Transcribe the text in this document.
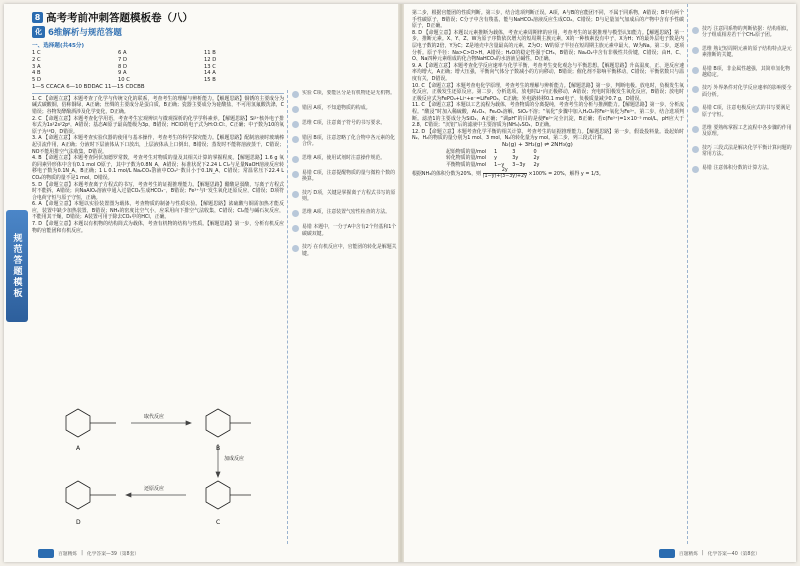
规范答题模板
8 高考考前冲刺答题模板卷（八）
化 6维解析与规范答题
一、选择题(共45分)
1 C	6 A	11 B
2 C	7 D	12 D
3 A	8 D	13 C
4 B	9 A	14 A
5 D	10 C	15 B
1—5 CCACA 6—10 BDDAC 11—15 CDCBB

1. C 【命题立意】本题考查了化学与传统文化的联系，考查考生的理解与辨析能力。【解题思路】铜锈的主要成分为碱式碳酸铜，俗称铜绿，A正确；丝绸的主要成分是蛋白质，B正确；瓷器主要成分为硅酸盐，不可用氢氟酸洗涤，C错误；谷物发酵酿酒涉及化学变化，D正确。

2. C 【命题立意】本题考查化学用语，考查考生宏观辨识与微观探析的化学学科素养。【解题思路】Si²⁺核外电子排布式为1s²2s²2p⁶，A错误；基态Al原子最高能级为3p，B错误；HClO的电子式为H:O:Cl:，C正确；中子数为10的氧原子为¹⁸O，D错误。

3. A 【命题立意】本题考查实验仪器的使用与基本操作，考查考生的科学探究能力。【解题思路】配制溶液时玻璃棒起引流作用，A正确；分液时下层液体从下口放出，上层液体从上口倒出，B错误；蒸发时不能将溶液蒸干，C错误；NO不能用排空气法收集，D错误。

4. B 【命题立意】本题考查阿伏加德罗常数，考查考生对物质的量及其相关计算的掌握程度。【解题思路】1.6 g 氧的同素异形体中含有0.1 mol O原子，其中子数为0.8N_A，A错误；标准状况下2.24 L Cl₂与足量NaOH溶液反应转移电子数为0.1N_A，B正确；1 L 0.1 mol/L Na₂CO₃溶液中CO₃²⁻数目小于0.1N_A，C错误；常温常压下22.4 L CO₂的物质的量不是1 mol，D错误。

5. D 【命题立意】本题考查离子方程式的书写，考查考生的证据推理能力。【解题思路】醋酸是弱酸，写离子方程式时不能拆，A错误；向NaAlO₂溶液中通入过量CO₂生成HCO₃⁻，B错误；Fe³⁺与I⁻发生氧化还原反应，C错误；D项符合电荷守恒与原子守恒，正确。

6. A 【命题立意】本题以实验装置图为载体，考查物质的制备与性质实验。【解题思路】浓硫酸与铜需加热才能反应，装置中缺少加热装置，B错误；NH₃的密度比空气小，应采用向下排空气法收集，C错误；Cl₂能与碱石灰反应，不能用其干燥，D错误；A装置可用于除去CO₂中的HCl，正确。

7. D 【命题立意】本题以有机物的结构简式为载体，考查有机物的结构与性质。【解题思路】第一步，分析有机反应物的官能团和有机反应。

A	B
C
D
取代反应
加成反应
还原反应
实验 C项，要能区分是有机物还是无机物。
错因 A项，不知道物质的构成。
思维 C项，注意离子符号的书写要求。
错因 B项，注意忽略了化合物中各元素的化合价。
思维 A项，使用试剂时注意操作规范。
易错 C项，注意提醒物质的量与微粒个数的换算。
技巧 D项，关键是掌握离子方程式书写的原则。
思维 A项，注意装置气密性检查的方法。
易错 本题中，一分子A中含有2个羟基和1个碳碳双键。
技巧 在有机反应中，官能团的转化是解题关键。
百题精炼 | 化学答案—39（第8套）

第二步，根据官能团的性质判断。第三步，结合选项判断正误。A项，A与B的官能团不同，不属于同系物，A错误；B中有两个手性碳原子，B错误；C分子中含有羧基，能与NaHCO₃溶液反应生成CO₂，C错误；D与足量氢气加成后的产物中含有手性碳原子，D正确。

8. D 【命题立意】本题以元素推断为载体，考查元素周期律的应用，考查考生的证据推理与模型认知能力。【解题思路】第一步，推断元素。X、Y、Z、W为原子序数依次增大的短周期主族元素，X的一种核素没有中子，X为H；Y的最外层电子数是内层电子数的2倍，Y为C；Z是地壳中含量最高的元素，Z为O；W的原子半径在短周期主族元素中最大，W为Na。第二步，逐项分析。原子半径：Na>C>O>H，A错误；H₂O的稳定性强于CH₄，B错误；Na₂O₂中含有非极性共价键，C错误；由H、C、O、Na四种元素组成的化合物NaHCO₃的水溶液呈碱性，D正确。

9. A 【命题立意】本题考查化学反应速率与化学平衡，考查考生变化观念与平衡思想。【解题思路】升高温度，正、逆反应速率均增大，A正确；增大压强，平衡向气体分子数减小的方向移动，B错误；催化剂不影响平衡移动，C错误；平衡常数只与温度有关，D错误。

10. C 【命题立意】本题考查电化学原理，考查考生的理解与辨析能力。【解题思路】第一步，判断电极。放电时，负极发生氧化反应，正极发生还原反应。第二步，分析选项。放电时Li⁺向正极移动，A错误；充电时阳极发生氧化反应，B错误；放电时正极反应式为FePO₄+Li⁺+e⁻=LiFePO₄，C正确；外电路转移0.1 mol电子，负极质量减少0.7 g，D错误。

11. C 【命题立意】本题以工艺流程为载体，考查物质的分离提纯，考查考生的分析与推测能力。【解题思路】第一步，分析流程。“酸浸”时加入稀硫酸，Al₂O₃、Fe₂O₃溶解，SiO₂不溶；“氧化”步骤中加入H₂O₂将Fe²⁺氧化为Fe³⁺。第二步，结合选项判断。滤渣1的主要成分为SiO₂，A正确；“调pH”的目的是使Fe³⁺完全沉淀，B正确；若c(Fe³⁺)=1×10⁻⁵ mol/L，pH应大于2.8，C错误；“沉铝”后的滤液中主要溶质为(NH₄)₂SO₄，D正确。

12. D 【命题立意】本题考查化学平衡的相关计算，考查考生的证据推理能力。【解题思路】第一步，假设投料量。设起始时N₂、H₂的物质的量分别为1 mol、3 mol，N₂的转化量为y mol。第二步，列三段式计算。

N₂(g) + 3H₂(g) ⇌ 2NH₃(g)
起始物质的量/mol	1	3	0
转化物质的量/mol	y	3y	2y
平衡物质的量/mol	1−y	3−3y	2y

根据NH₃的体积分数为20%，则 $\frac{2y}{(1-y)+(3-3y)+2y} \times 100\% = 20\%$，解得 y = 1/3。

技巧 注意同系物的判断依据：结构相似，分子组成相差若干个CH₂原子团。
思维 熟记短周期元素的原子结构特点是元素推断的关键。
易错 B项，非金属性越强，其简单氢化物越稳定。
技巧 外界条件对化学反应速率的影响要全面分析。
易错 C项，注意电极反应式的书写要满足原子守恒。
思维 要熟练掌握工艺流程中各步骤的作用及原理。
技巧 三段式法是解决化学平衡计算问题的常用方法。
易错 注意体积分数的计算方法。
百题精炼 | 化学答案—40（第8套）
